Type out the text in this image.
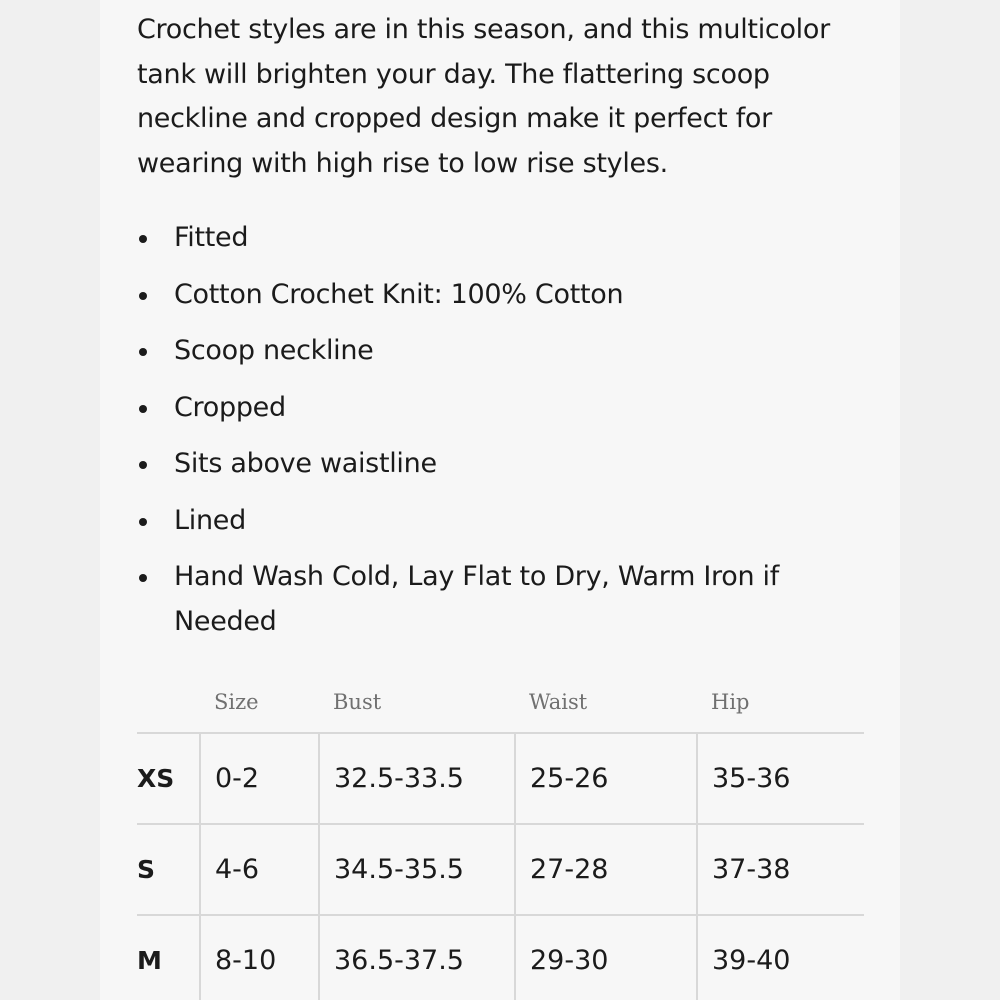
Crochet styles are in this season, and this multicolor tank will brighten your day. The flattering scoop neckline and cropped design make it perfect for wearing with high rise to low rise styles.

Fitted
Cotton Crochet Knit: 100% Cotton
Scoop neckline
Cropped
Sits above waistline
Lined
Hand Wash Cold, Lay Flat to Dry, Warm Iron if Needed
	Size	Bust	Waist	Hip
XS	0-2	32.5-33.5	25-26	35-36
S	4-6	34.5-35.5	27-28	37-38
M	8-10	36.5-37.5	29-30	39-40
